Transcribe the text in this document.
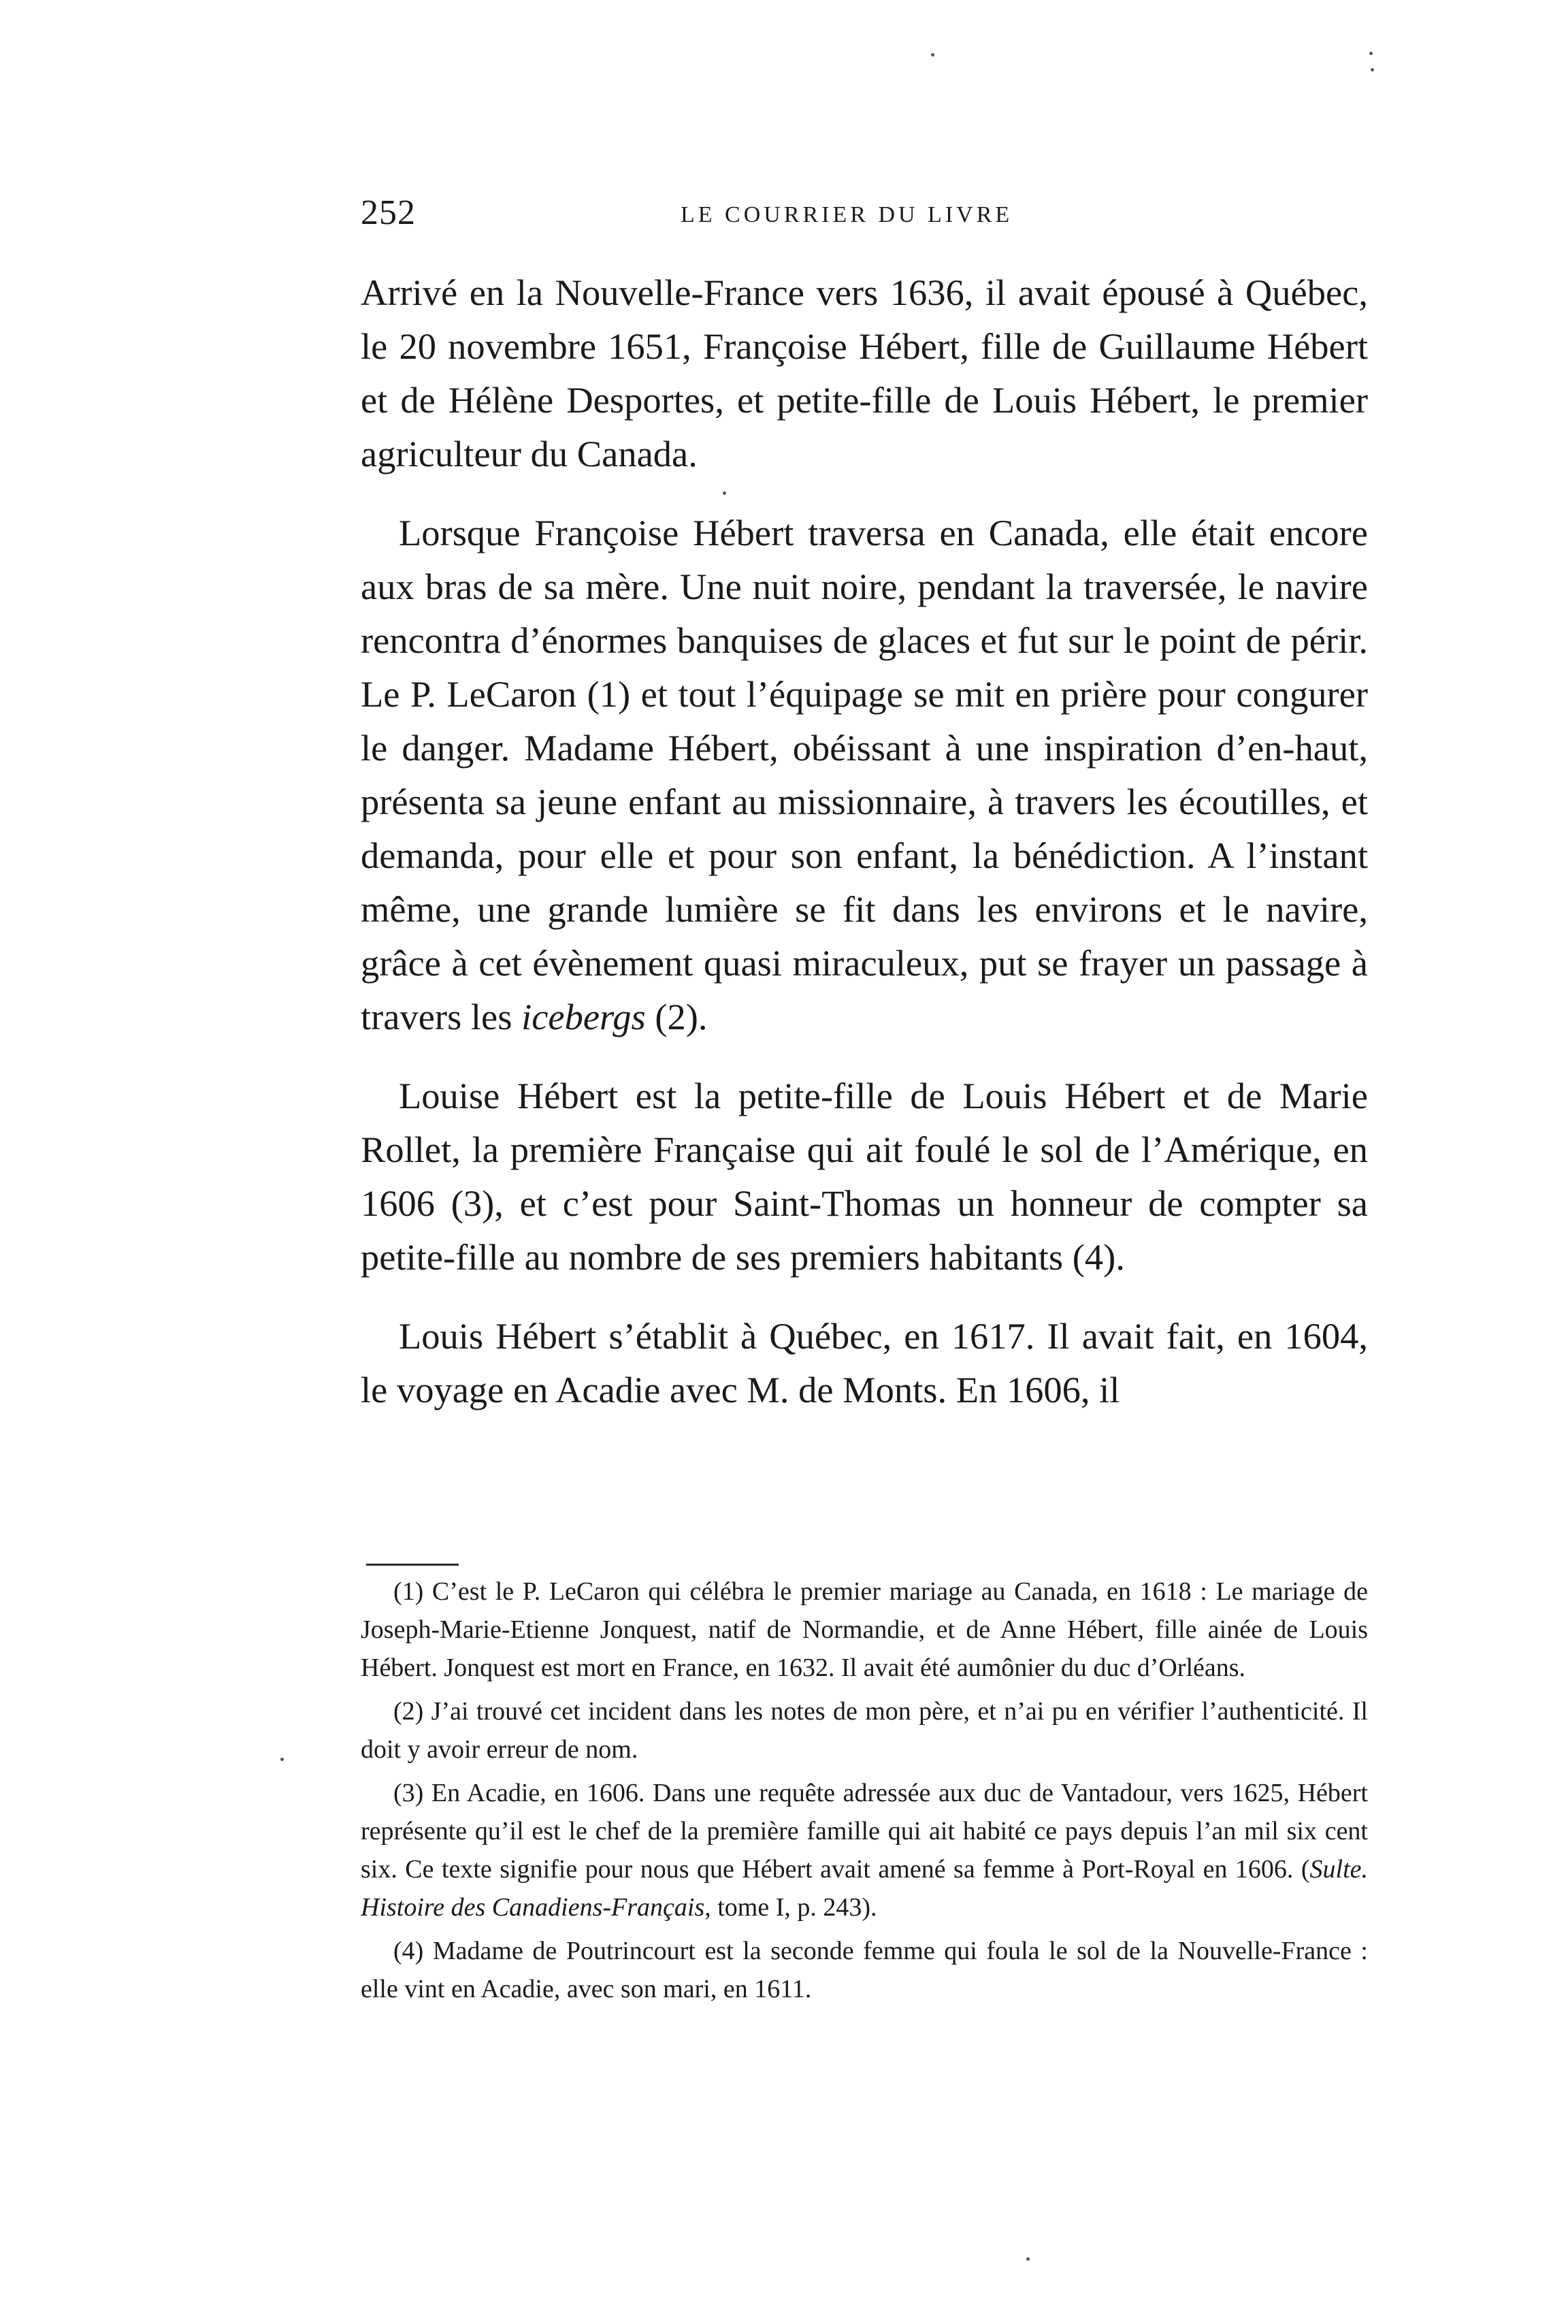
252	LE COURRIER DU LIVRE

Arrivé en la Nouvelle-France vers 1636, il avait épousé à Québec, le 20 novembre 1651, Françoise Hébert, fille de Guillaume Hébert et de Hélène Desportes, et petite-fille de Louis Hébert, le premier agriculteur du Canada.

Lorsque Françoise Hébert traversa en Canada, elle était encore aux bras de sa mère. Une nuit noire, pendant la traversée, le navire rencontra d’énormes banquises de glaces et fut sur le point de périr. Le P. LeCaron (1) et tout l’équipage se mit en prière pour congurer le danger. Madame Hébert, obéissant à une inspiration d’en-haut, présenta sa jeune enfant au missionnaire, à travers les écoutilles, et demanda, pour elle et pour son enfant, la bénédiction. A l’instant même, une grande lumière se fit dans les environs et le navire, grâce à cet évènement quasi miraculeux, put se frayer un passage à travers les icebergs (2).

Louise Hébert est la petite-fille de Louis Hébert et de Marie Rollet, la première Française qui ait foulé le sol de l’Amérique, en 1606 (3), et c’est pour Saint-Thomas un honneur de compter sa petite-fille au nombre de ses premiers habitants (4).

Louis Hébert s’établit à Québec, en 1617. Il avait fait, en 1604, le voyage en Acadie avec M. de Monts. En 1606, il

(1) C’est le P. LeCaron qui célébra le premier mariage au Canada, en 1618 : Le mariage de Joseph-Marie-Etienne Jonquest, natif de Normandie, et de Anne Hébert, fille ainée de Louis Hébert. Jonquest est mort en France, en 1632. Il avait été aumônier du duc d’Orléans.

(2) J’ai trouvé cet incident dans les notes de mon père, et n’ai pu en vérifier l’authenticité. Il doit y avoir erreur de nom.

(3) En Acadie, en 1606. Dans une requête adressée aux duc de Vantadour, vers 1625, Hébert représente qu’il est le chef de la première famille qui ait habité ce pays depuis l’an mil six cent six. Ce texte signifie pour nous que Hébert avait amené sa femme à Port-Royal en 1606. (Sulte. Histoire des Canadiens-Français, tome I, p. 243).

(4) Madame de Poutrincourt est la seconde femme qui foula le sol de la Nouvelle-France : elle vint en Acadie, avec son mari, en 1611.
